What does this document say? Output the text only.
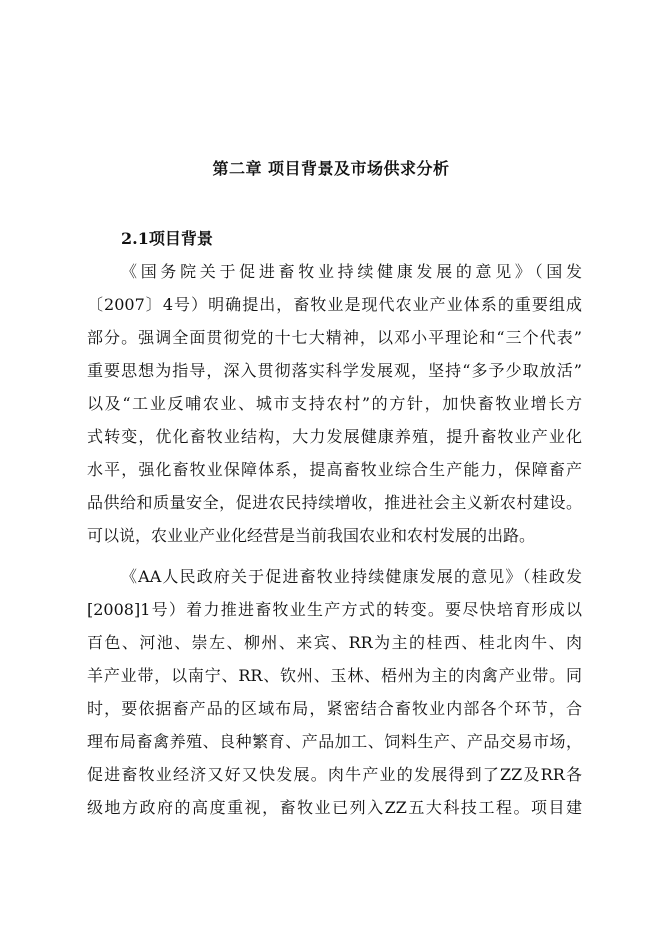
第二章 项目背景及市场供求分析
2.1项目背景
《国务院关于促进畜牧业持续健康发展的意见》（国发
〔2007〕4号）明确提出，畜牧业是现代农业产业体系的重要组成
部分。强调全面贯彻党的十七大精神，以邓小平理论和“三个代表”
重要思想为指导，深入贯彻落实科学发展观，坚持“多予少取放活”
以及“工业反哺农业、城市支持农村”的方针，加快畜牧业增长方
式转变，优化畜牧业结构，大力发展健康养殖，提升畜牧业产业化
水平，强化畜牧业保障体系，提高畜牧业综合生产能力，保障畜产
品供给和质量安全，促进农民持续增收，推进社会主义新农村建设。
可以说，农业业产业化经营是当前我国农业和农村发展的出路。
《AA人民政府关于促进畜牧业持续健康发展的意见》（桂政发
[2008]1号）着力推进畜牧业生产方式的转变。要尽快培育形成以
百色、河池、崇左、柳州、来宾、RR为主的桂西、桂北肉牛、肉
羊产业带，以南宁、RR、钦州、玉林、梧州为主的肉禽产业带。同
时，要依据畜产品的区域布局，紧密结合畜牧业内部各个环节，合
理布局畜禽养殖、良种繁育、产品加工、饲料生产、产品交易市场，
促进畜牧业经济又好又快发展。肉牛产业的发展得到了ZZ及RR各
级地方政府的高度重视，畜牧业已列入ZZ五大科技工程。项目建
